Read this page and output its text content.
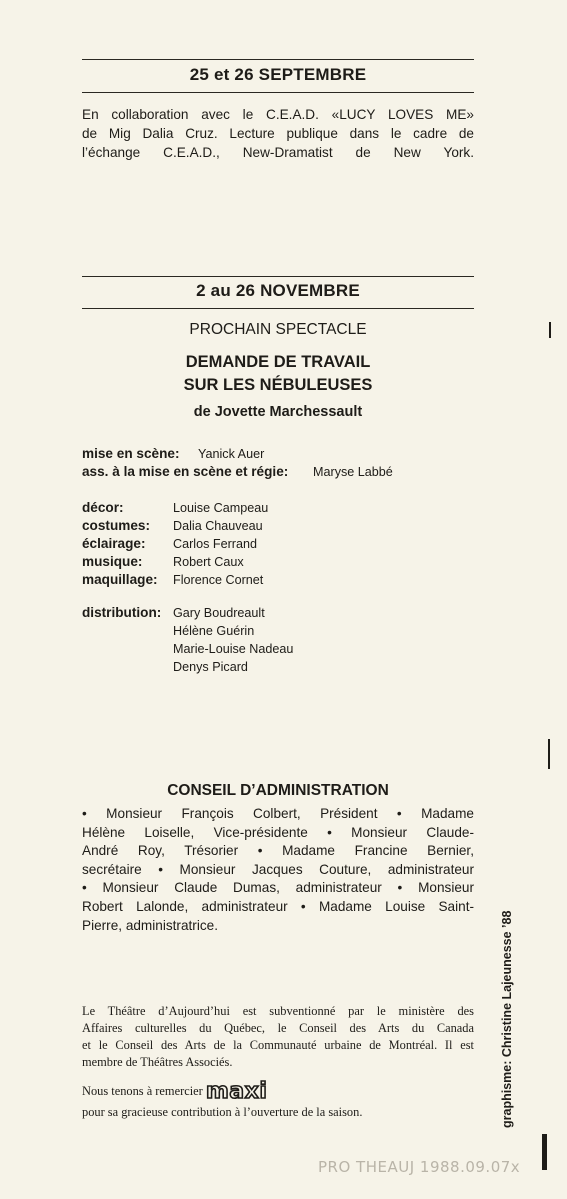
25 et 26 SEPTEMBRE
En collaboration avec le C.E.A.D. «LUCY LOVES ME»
de Mig Dalia Cruz. Lecture publique dans le cadre de
l’échange C.E.A.D., New-Dramatist de New York.
2 au 26 NOVEMBRE
PROCHAIN SPECTACLE
DEMANDE DE TRAVAIL
SUR LES NÉBULEUSES
de Jovette Marchessault
mise en scène: Yanick Auer
ass. à la mise en scène et régie: Maryse Labbé
décor:	Louise Campeau
costumes: Dalia Chauveau
éclairage: Carlos Ferrand
musique: Robert Caux
maquillage: Florence Cornet
distribution: Gary Boudreault
Hélène Guérin
Marie-Louise Nadeau
Denys Picard
CONSEIL D’ADMINISTRATION
• Monsieur François Colbert, Président • Madame
Hélène Loiselle, Vice-présidente • Monsieur Claude-
André Roy, Trésorier • Madame Francine Bernier,
secrétaire • Monsieur Jacques Couture, administrateur
• Monsieur Claude Dumas, administrateur • Monsieur
Robert Lalonde, administrateur • Madame Louise Saint-
Pierre, administratrice.
Le Théâtre d’Aujourd’hui est subventionné par le ministère des
Affaires culturelles du Québec, le Conseil des Arts du Canada
et le Conseil des Arts de la Communauté urbaine de Montréal. Il est
membre de Théâtres Associés.
Nous tenons à remercier maxi
pour sa gracieuse contribution à l’ouverture de la saison.	graphisme: Christine Lajeunesse ’88
PRO THEAUJ 1988.09.07x
